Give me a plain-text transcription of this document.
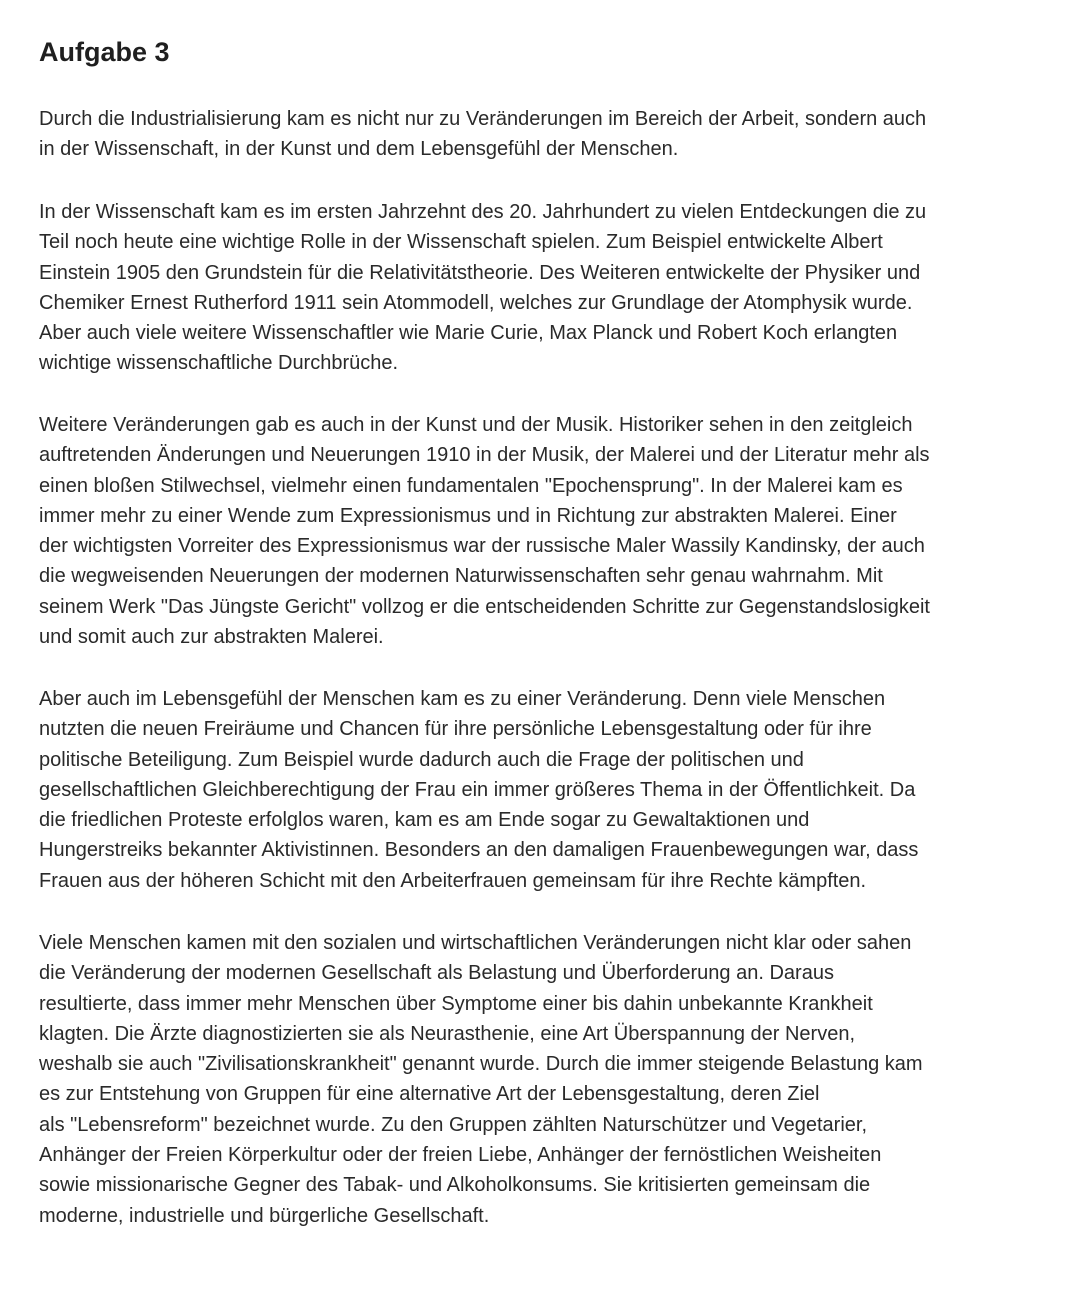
Aufgabe 3

Durch die Industrialisierung kam es nicht nur zu Veränderungen im Bereich der Arbeit, sondern auch
in der Wissenschaft, in der Kunst und dem Lebensgefühl der Menschen.

In der Wissenschaft kam es im ersten Jahrzehnt des 20. Jahrhundert zu vielen Entdeckungen die zu
Teil noch heute eine wichtige Rolle in der Wissenschaft spielen. Zum Beispiel entwickelte Albert
Einstein 1905 den Grundstein für die Relativitätstheorie. Des Weiteren entwickelte der Physiker und
Chemiker Ernest Rutherford 1911 sein Atommodell, welches zur Grundlage der Atomphysik wurde.
Aber auch viele weitere Wissenschaftler wie Marie Curie, Max Planck und Robert Koch erlangten
wichtige wissenschaftliche Durchbrüche.

Weitere Veränderungen gab es auch in der Kunst und der Musik. Historiker sehen in den zeitgleich
auftretenden Änderungen und Neuerungen 1910 in der Musik, der Malerei und der Literatur mehr als
einen bloßen Stilwechsel, vielmehr einen fundamentalen "Epochensprung". In der Malerei kam es
immer mehr zu einer Wende zum Expressionismus und in Richtung zur abstrakten Malerei. Einer
der wichtigsten Vorreiter des Expressionismus war der russische Maler Wassily Kandinsky, der auch
die wegweisenden Neuerungen der modernen Naturwissenschaften sehr genau wahrnahm. Mit
seinem Werk "Das Jüngste Gericht" vollzog er die entscheidenden Schritte zur Gegenstandslosigkeit
und somit auch zur abstrakten Malerei.

Aber auch im Lebensgefühl der Menschen kam es zu einer Veränderung. Denn viele Menschen
nutzten die neuen Freiräume und Chancen für ihre persönliche Lebensgestaltung oder für ihre
politische Beteiligung. Zum Beispiel wurde dadurch auch die Frage der politischen und
gesellschaftlichen Gleichberechtigung der Frau ein immer größeres Thema in der Öffentlichkeit. Da
die friedlichen Proteste erfolglos waren, kam es am Ende sogar zu Gewaltaktionen und
Hungerstreiks bekannter Aktivistinnen. Besonders an den damaligen Frauenbewegungen war, dass
Frauen aus der höheren Schicht mit den Arbeiterfrauen gemeinsam für ihre Rechte kämpften.

Viele Menschen kamen mit den sozialen und wirtschaftlichen Veränderungen nicht klar oder sahen
die Veränderung der modernen Gesellschaft als Belastung und Überforderung an. Daraus
resultierte, dass immer mehr Menschen über Symptome einer bis dahin unbekannte Krankheit
klagten. Die Ärzte diagnostizierten sie als Neurasthenie, eine Art Überspannung der Nerven,
weshalb sie auch "Zivilisationskrankheit" genannt wurde. Durch die immer steigende Belastung kam
es zur Entstehung von Gruppen für eine alternative Art der Lebensgestaltung, deren Ziel
als "Lebensreform" bezeichnet wurde. Zu den Gruppen zählten Naturschützer und Vegetarier,
Anhänger der Freien Körperkultur oder der freien Liebe, Anhänger der fernöstlichen Weisheiten
sowie missionarische Gegner des Tabak- und Alkoholkonsums. Sie kritisierten gemeinsam die
moderne, industrielle und bürgerliche Gesellschaft.
